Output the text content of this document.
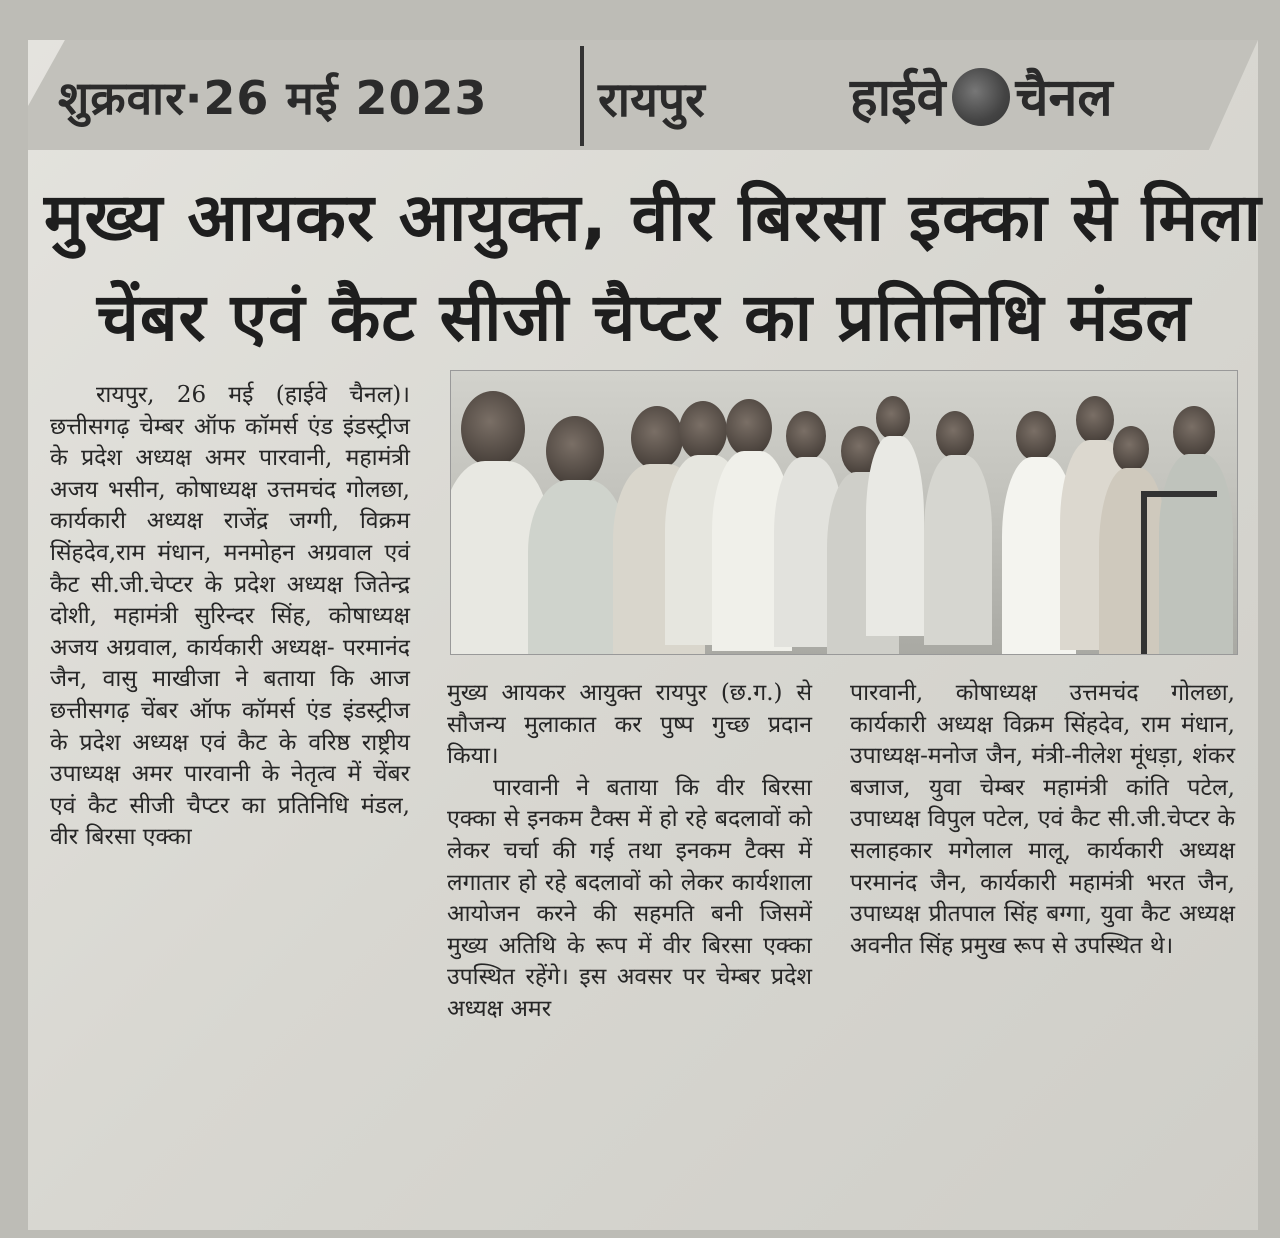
शुक्रवार·26 मई 2023 रायपुर	हाईवे चैनल
मुख्य आयकर आयुक्त, वीर बिरसा इक्का से मिला
चेंबर एवं कैट सीजी चैप्टर का प्रतिनिधि मंडल
रायपुर, 26 मई (हाईवे चैनल)। छत्तीसगढ़ चेम्बर ऑफ कॉमर्स एंड इंडस्ट्रीज के प्रदेश अध्यक्ष अमर पारवानी, महामंत्री अजय भसीन, कोषाध्यक्ष उत्तमचंद गोलछा, कार्यकारी अध्यक्ष राजेंद्र जग्गी, विक्रम सिंहदेव,राम मंधान, मनमोहन अग्रवाल एवं कैट सी.जी.चेप्टर के प्रदेश अध्यक्ष जितेन्द्र दोशी, महामंत्री सुरिन्दर सिंह, कोषाध्यक्ष अजय अग्रवाल, कार्यकारी अध्यक्ष- परमानंद जैन, वासु माखीजा ने बताया कि आज छत्तीसगढ़ चेंबर ऑफ कॉमर्स एंड इंडस्ट्रीज के प्रदेश अध्यक्ष एवं कैट के वरिष्ठ राष्ट्रीय उपाध्यक्ष अमर पारवानी के नेतृत्व में चेंबर एवं कैट सीजी चैप्टर का प्रतिनिधि मंडल, वीर बिरसा एक्का
मुख्य आयकर आयुक्त रायपुर (छ.ग.) से सौजन्य मुलाकात कर पुष्प गुच्छ प्रदान किया।
पारवानी ने बताया कि वीर बिरसा एक्का से इनकम टैक्स में हो रहे बदलावों को लेकर चर्चा की गई तथा इनकम टैक्स में लगातार हो रहे बदलावों को लेकर कार्यशाला आयोजन करने की सहमति बनी जिसमें मुख्य अतिथि के रूप में वीर बिरसा एक्का उपस्थित रहेंगे। इस अवसर पर चेम्बर प्रदेश अध्यक्ष अमर
पारवानी, कोषाध्यक्ष उत्तमचंद गोलछा, कार्यकारी अध्यक्ष विक्रम सिंहदेव, राम मंधान, उपाध्यक्ष-मनोज जैन, मंत्री-नीलेश मूंधड़ा, शंकर बजाज, युवा चेम्बर महामंत्री कांति पटेल, उपाध्यक्ष विपुल पटेल, एवं कैट सी.जी.चेप्टर के सलाहकार मगेलाल मालू, कार्यकारी अध्यक्ष परमानंद जैन, कार्यकारी महामंत्री भरत जैन, उपाध्यक्ष प्रीतपाल सिंह बग्गा, युवा कैट अध्यक्ष अवनीत सिंह प्रमुख रूप से उपस्थित थे।
